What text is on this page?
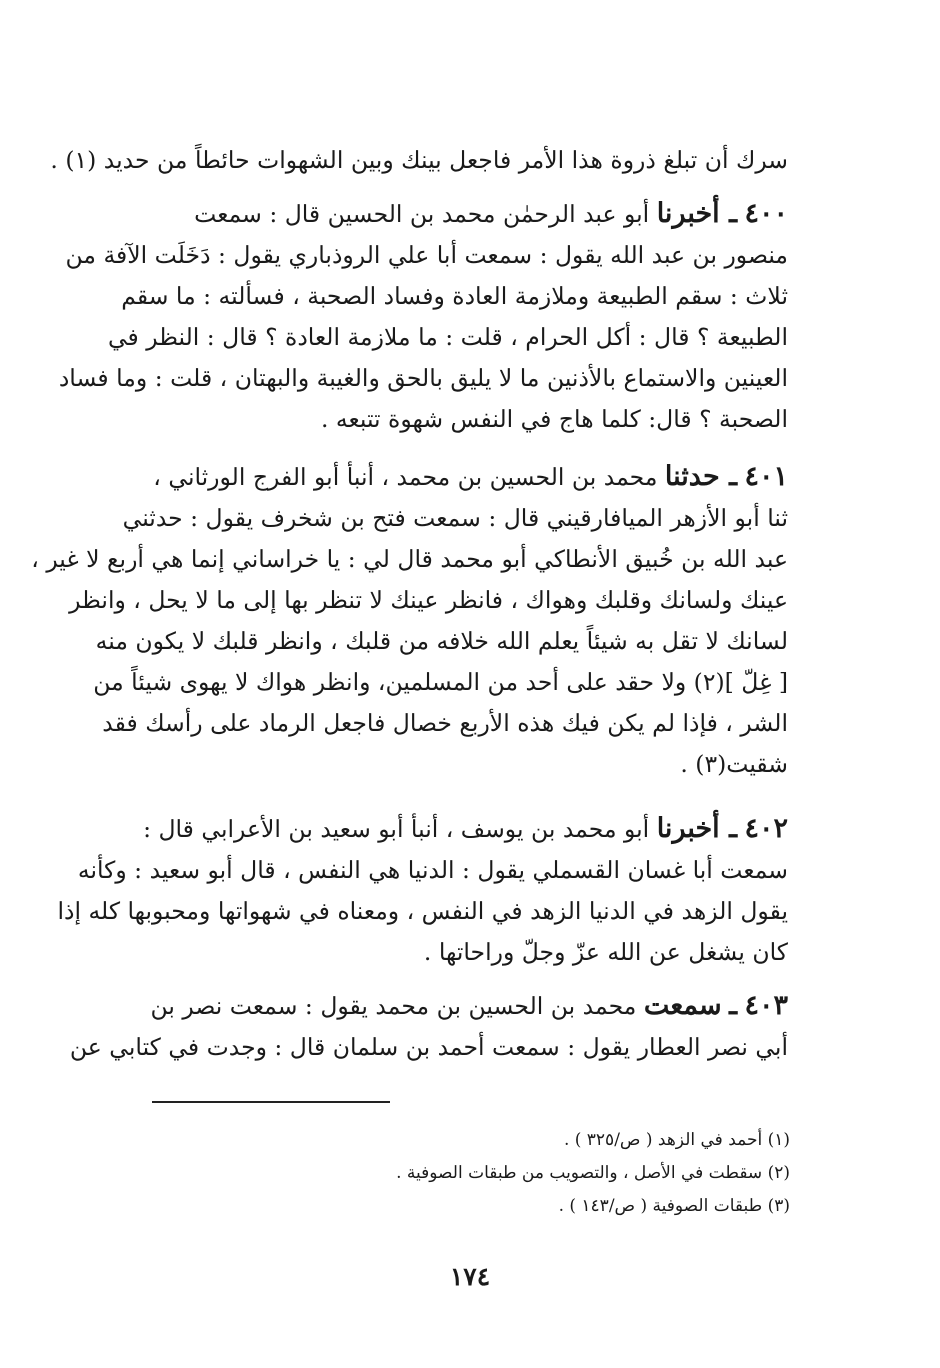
سرك أن تبلغ ذروة هذا الأمر فاجعل بينك وبين الشهوات حائطاً من حديد (١) .
٤٠٠ ـ أخبرنا أبو عبد الرحمٰن محمد بن الحسين قال : سمعت
منصور بن عبد الله يقول : سمعت أبا علي الروذباري يقول : دَخَلَت الآفة من
ثلاث : سقم الطبيعة وملازمة العادة وفساد الصحبة ، فسألته : ما سقم
الطبيعة ؟ قال : أكل الحرام ، قلت : ما ملازمة العادة ؟ قال : النظر في
العينين والاستماع بالأذنين ما لا يليق بالحق والغيبة والبهتان ، قلت : وما فساد
الصحبة ؟ قال: كلما هاج في النفس شهوة تتبعه .
٤٠١ ـ حدثنا محمد بن الحسين بن محمد ، أنبأ أبو الفرج الورثاني ،
ثنا أبو الأزهر الميافارقيني قال : سمعت فتح بن شخرف يقول : حدثني
عبد الله بن خُبيق الأنطاكي أبو محمد قال لي : يا خراساني إنما هي أربع لا غير ،
عينك ولسانك وقلبك وهواك ، فانظر عينك لا تنظر بها إلى ما لا يحل ، وانظر
لسانك لا تقل به شيئاً يعلم الله خلافه من قلبك ، وانظر قلبك لا يكون منه
[ غِلّ ](٢) ولا حقد على أحد من المسلمين، وانظر هواك لا يهوى شيئاً من
الشر ، فإذا لم يكن فيك هذه الأربع خصال فاجعل الرماد على رأسك فقد
شقيت(٣) .
٤٠٢ ـ أخبرنا أبو محمد بن يوسف ، أنبأ أبو سعيد بن الأعرابي قال :
سمعت أبا غسان القسملي يقول : الدنيا هي النفس ، قال أبو سعيد : وكأنه
يقول الزهد في الدنيا الزهد في النفس ، ومعناه في شهواتها ومحبوبها كله إذا
كان يشغل عن الله عزّ وجلّ وراحاتها .
٤٠٣ ـ سمعت محمد بن الحسين بن محمد يقول : سمعت نصر بن
أبي نصر العطار يقول : سمعت أحمد بن سلمان قال : وجدت في كتابي عن
(١) أحمد في الزهد ( ص/٣٢٥ ) .
(٢) سقطت في الأصل ، والتصويب من طبقات الصوفية .
(٣) طبقات الصوفية ( ص/١٤٣ ) .
١٧٤
